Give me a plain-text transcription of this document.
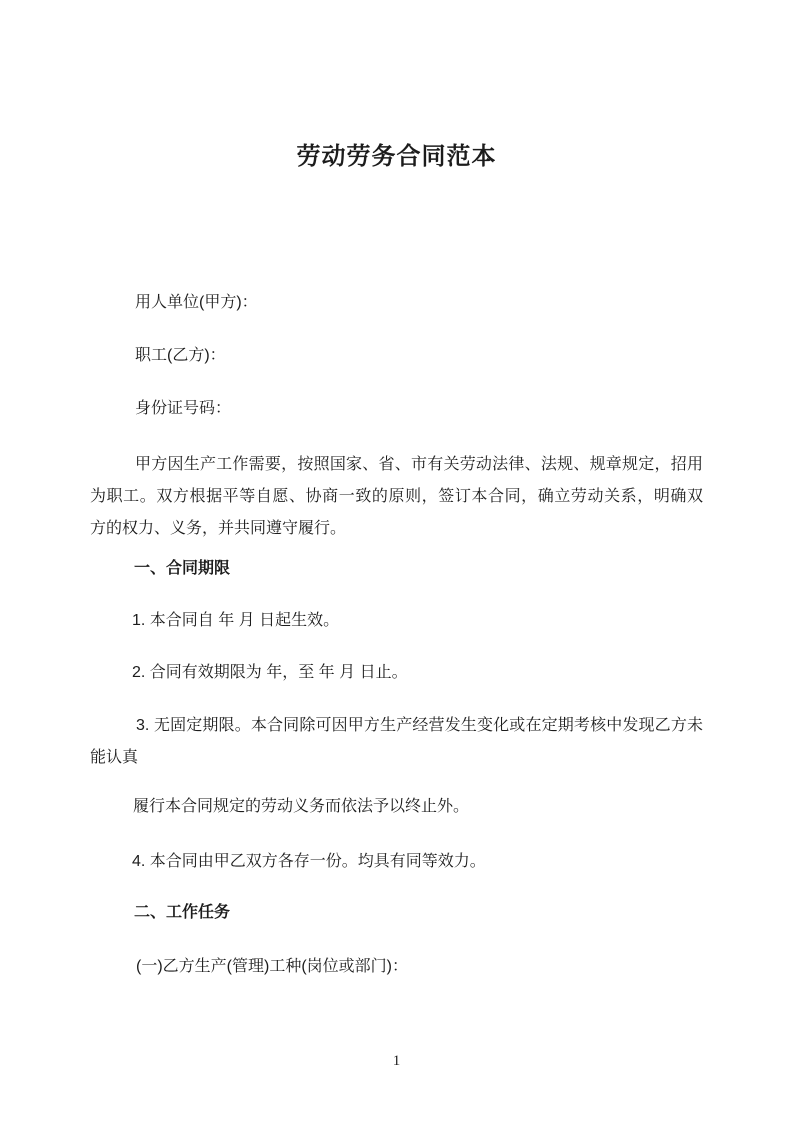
劳动劳务合同范本
用人单位(甲方)：
职工(乙方)：
身份证号码：
甲方因生产工作需要，按照国家、省、市有关劳动法律、法规、规章规定，招用
为职工。双方根据平等自愿、协商一致的原则，签订本合同，确立劳动关系，明确双
方的权力、义务，并共同遵守履行。
一、合同期限
1. 本合同自 年 月 日起生效。
2. 合同有效期限为 年，至 年 月 日止。
3. 无固定期限。本合同除可因甲方生产经营发生变化或在定期考核中发现乙方未
能认真
履行本合同规定的劳动义务而依法予以终止外。
4. 本合同由甲乙双方各存一份。均具有同等效力。
二、工作任务
(一)乙方生产(管理)工种(岗位或部门)：
1
